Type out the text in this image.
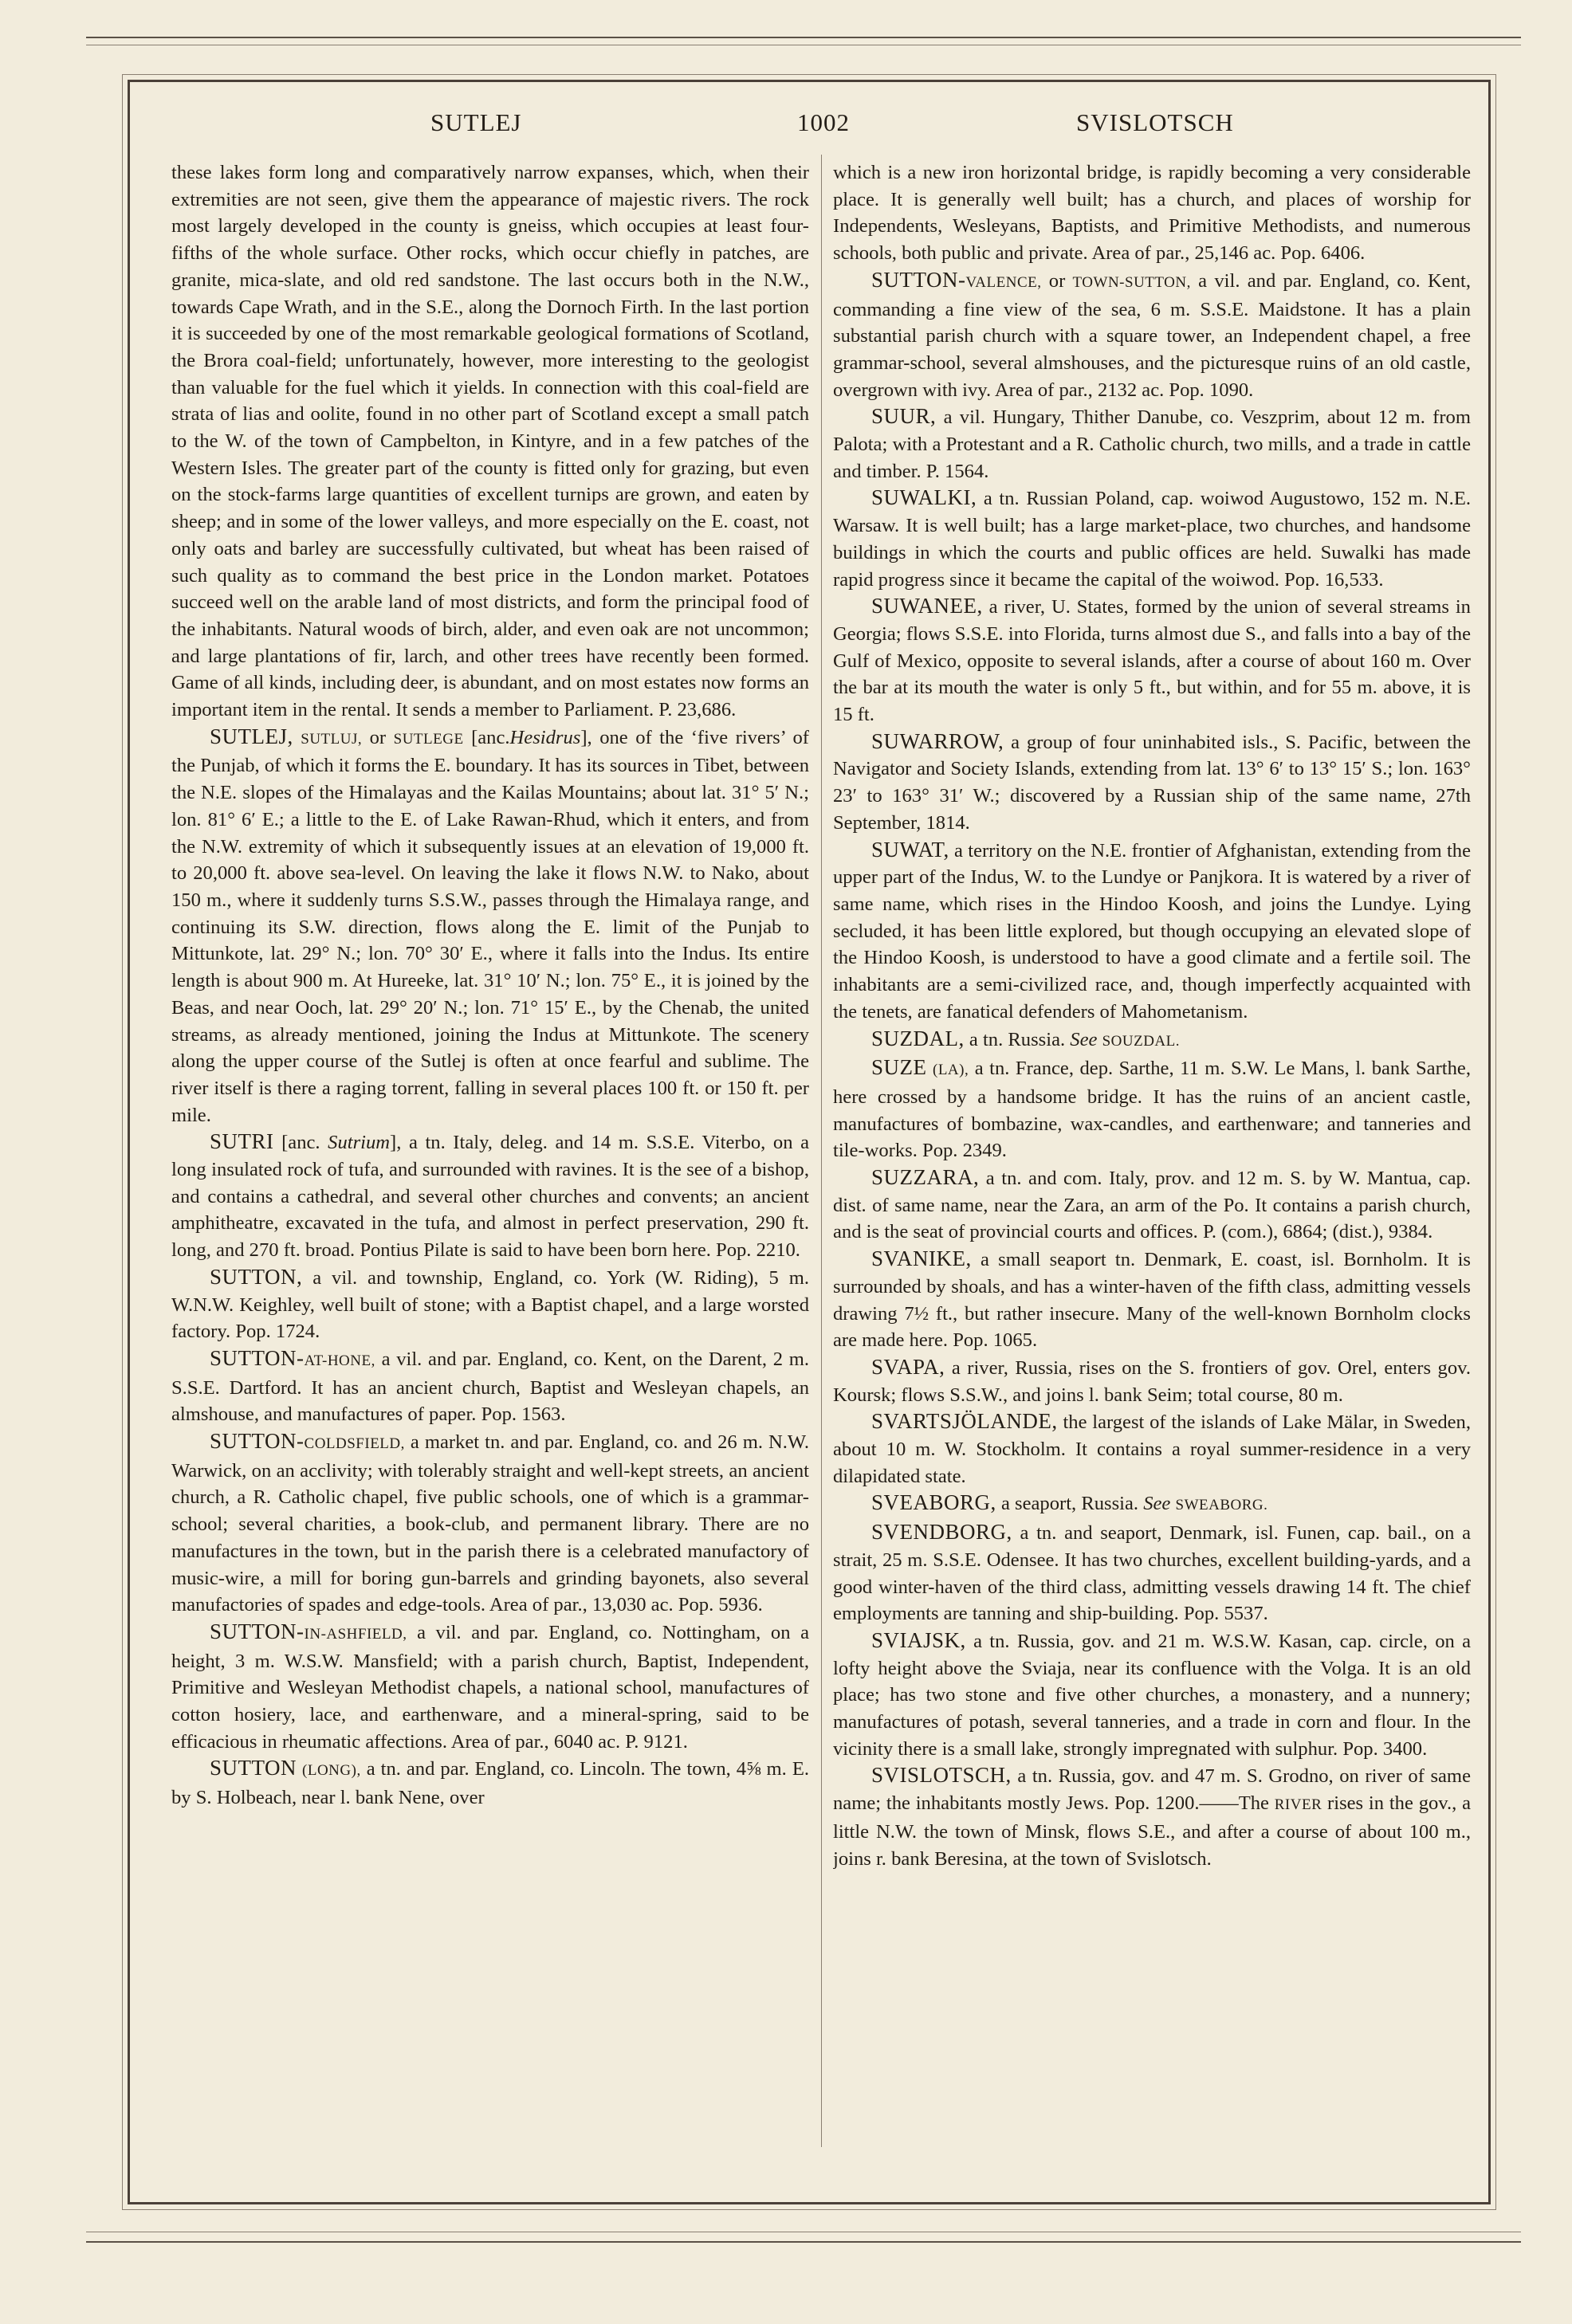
SUTLEJ	1002	SVISLOTSCH

these lakes form long and comparatively narrow expanses, which, when their extremities are not seen, give them the appearance of majestic rivers. The rock most largely developed in the county is gneiss, which occupies at least four-fifths of the whole surface. Other rocks, which occur chiefly in patches, are granite, mica-slate, and old red sandstone. The last occurs both in the N.W., towards Cape Wrath, and in the S.E., along the Dornoch Firth. In the last portion it is succeeded by one of the most remarkable geological formations of Scotland, the Brora coal-field; unfortunately, however, more interesting to the geologist than valuable for the fuel which it yields. In connection with this coal-field are strata of lias and oolite, found in no other part of Scotland except a small patch to the W. of the town of Campbelton, in Kintyre, and in a few patches of the Western Isles. The greater part of the county is fitted only for grazing, but even on the stock-farms large quantities of excellent turnips are grown, and eaten by sheep; and in some of the lower valleys, and more especially on the E. coast, not only oats and barley are successfully cultivated, but wheat has been raised of such quality as to command the best price in the London market. Potatoes succeed well on the arable land of most districts, and form the principal food of the inhabitants. Natural woods of birch, alder, and even oak are not uncommon; and large plantations of fir, larch, and other trees have recently been formed. Game of all kinds, including deer, is abundant, and on most estates now forms an important item in the rental. It sends a member to Parliament. P. 23,686.

SUTLEJ, SUTLUJ, or SUTLEGE [anc.Hesidrus], one of the ‘five rivers’ of the Punjab, of which it forms the E. boundary. It has its sources in Tibet, between the N.E. slopes of the Himalayas and the Kailas Mountains; about lat. 31° 5′ N.; lon. 81° 6′ E.; a little to the E. of Lake Rawan-Rhud, which it enters, and from the N.W. extremity of which it subsequently issues at an elevation of 19,000 ft. to 20,000 ft. above sea-level. On leaving the lake it flows N.W. to Nako, about 150 m., where it suddenly turns S.S.W., passes through the Himalaya range, and continuing its S.W. direction, flows along the E. limit of the Punjab to Mittunkote, lat. 29° N.; lon. 70° 30′ E., where it falls into the Indus. Its entire length is about 900 m. At Hureeke, lat. 31° 10′ N.; lon. 75° E., it is joined by the Beas, and near Ooch, lat. 29° 20′ N.; lon. 71° 15′ E., by the Chenab, the united streams, as already mentioned, joining the Indus at Mittunkote. The scenery along the upper course of the Sutlej is often at once fearful and sublime. The river itself is there a raging torrent, falling in several places 100 ft. or 150 ft. per mile.

SUTRI [anc. Sutrium], a tn. Italy, deleg. and 14 m. S.S.E. Viterbo, on a long insulated rock of tufa, and surrounded with ravines. It is the see of a bishop, and contains a cathedral, and several other churches and convents; an ancient amphitheatre, excavated in the tufa, and almost in perfect preservation, 290 ft. long, and 270 ft. broad. Pontius Pilate is said to have been born here. Pop. 2210.

SUTTON, a vil. and township, England, co. York (W. Riding), 5 m. W.N.W. Keighley, well built of stone; with a Baptist chapel, and a large worsted factory. Pop. 1724.

SUTTON-AT-HONE, a vil. and par. England, co. Kent, on the Darent, 2 m. S.S.E. Dartford. It has an ancient church, Baptist and Wesleyan chapels, an almshouse, and manufactures of paper. Pop. 1563.

SUTTON-COLDSFIELD, a market tn. and par. England, co. and 26 m. N.W. Warwick, on an acclivity; with tolerably straight and well-kept streets, an ancient church, a R. Catholic chapel, five public schools, one of which is a grammar-school; several charities, a book-club, and permanent library. There are no manufactures in the town, but in the parish there is a celebrated manufactory of music-wire, a mill for boring gun-barrels and grinding bayonets, also several manufactories of spades and edge-tools. Area of par., 13,030 ac. Pop. 5936.

SUTTON-IN-ASHFIELD, a vil. and par. England, co. Nottingham, on a height, 3 m. W.S.W. Mansfield; with a parish church, Baptist, Independent, Primitive and Wesleyan Methodist chapels, a national school, manufactures of cotton hosiery, lace, and earthenware, and a mineral-spring, said to be efficacious in rheumatic affections. Area of par., 6040 ac. P. 9121.

SUTTON (LONG), a tn. and par. England, co. Lincoln. The town, 4⅝ m. E. by S. Holbeach, near l. bank Nene, over

which is a new iron horizontal bridge, is rapidly becoming a very considerable place. It is generally well built; has a church, and places of worship for Independents, Wesleyans, Baptists, and Primitive Methodists, and numerous schools, both public and private. Area of par., 25,146 ac. Pop. 6406.

SUTTON-VALENCE, or TOWN-SUTTON, a vil. and par. England, co. Kent, commanding a fine view of the sea, 6 m. S.S.E. Maidstone. It has a plain substantial parish church with a square tower, an Independent chapel, a free grammar-school, several almshouses, and the picturesque ruins of an old castle, overgrown with ivy. Area of par., 2132 ac. Pop. 1090.

SUUR, a vil. Hungary, Thither Danube, co. Veszprim, about 12 m. from Palota; with a Protestant and a R. Catholic church, two mills, and a trade in cattle and timber. P. 1564.

SUWALKI, a tn. Russian Poland, cap. woiwod Augustowo, 152 m. N.E. Warsaw. It is well built; has a large market-place, two churches, and handsome buildings in which the courts and public offices are held. Suwalki has made rapid progress since it became the capital of the woiwod. Pop. 16,533.

SUWANEE, a river, U. States, formed by the union of several streams in Georgia; flows S.S.E. into Florida, turns almost due S., and falls into a bay of the Gulf of Mexico, opposite to several islands, after a course of about 160 m. Over the bar at its mouth the water is only 5 ft., but within, and for 55 m. above, it is 15 ft.

SUWARROW, a group of four uninhabited isls., S. Pacific, between the Navigator and Society Islands, extending from lat. 13° 6′ to 13° 15′ S.; lon. 163° 23′ to 163° 31′ W.; discovered by a Russian ship of the same name, 27th September, 1814.

SUWAT, a territory on the N.E. frontier of Afghanistan, extending from the upper part of the Indus, W. to the Lundye or Panjkora. It is watered by a river of same name, which rises in the Hindoo Koosh, and joins the Lundye. Lying secluded, it has been little explored, but though occupying an elevated slope of the Hindoo Koosh, is understood to have a good climate and a fertile soil. The inhabitants are a semi-civilized race, and, though imperfectly acquainted with the tenets, are fanatical defenders of Mahometanism.

SUZDAL, a tn. Russia. See SOUZDAL.

SUZE (LA), a tn. France, dep. Sarthe, 11 m. S.W. Le Mans, l. bank Sarthe, here crossed by a handsome bridge. It has the ruins of an ancient castle, manufactures of bombazine, wax-candles, and earthenware; and tanneries and tile-works. Pop. 2349.

SUZZARA, a tn. and com. Italy, prov. and 12 m. S. by W. Mantua, cap. dist. of same name, near the Zara, an arm of the Po. It contains a parish church, and is the seat of provincial courts and offices. P. (com.), 6864; (dist.), 9384.

SVANIKE, a small seaport tn. Denmark, E. coast, isl. Bornholm. It is surrounded by shoals, and has a winter-haven of the fifth class, admitting vessels drawing 7½ ft., but rather insecure. Many of the well-known Bornholm clocks are made here. Pop. 1065.

SVAPA, a river, Russia, rises on the S. frontiers of gov. Orel, enters gov. Koursk; flows S.S.W., and joins l. bank Seim; total course, 80 m.

SVARTSJÖLANDE, the largest of the islands of Lake Mälar, in Sweden, about 10 m. W. Stockholm. It contains a royal summer-residence in a very dilapidated state.

SVEABORG, a seaport, Russia. See SWEABORG.

SVENDBORG, a tn. and seaport, Denmark, isl. Funen, cap. bail., on a strait, 25 m. S.S.E. Odensee. It has two churches, excellent building-yards, and a good winter-haven of the third class, admitting vessels drawing 14 ft. The chief employments are tanning and ship-building. Pop. 5537.

SVIAJSK, a tn. Russia, gov. and 21 m. W.S.W. Kasan, cap. circle, on a lofty height above the Sviaja, near its confluence with the Volga. It is an old place; has two stone and five other churches, a monastery, and a nunnery; manufactures of potash, several tanneries, and a trade in corn and flour. In the vicinity there is a small lake, strongly impregnated with sulphur. Pop. 3400.

SVISLOTSCH, a tn. Russia, gov. and 47 m. S. Grodno, on river of same name; the inhabitants mostly Jews. Pop. 1200.——The RIVER rises in the gov., a little N.W. the town of Minsk, flows S.E., and after a course of about 100 m., joins r. bank Beresina, at the town of Svislotsch.
